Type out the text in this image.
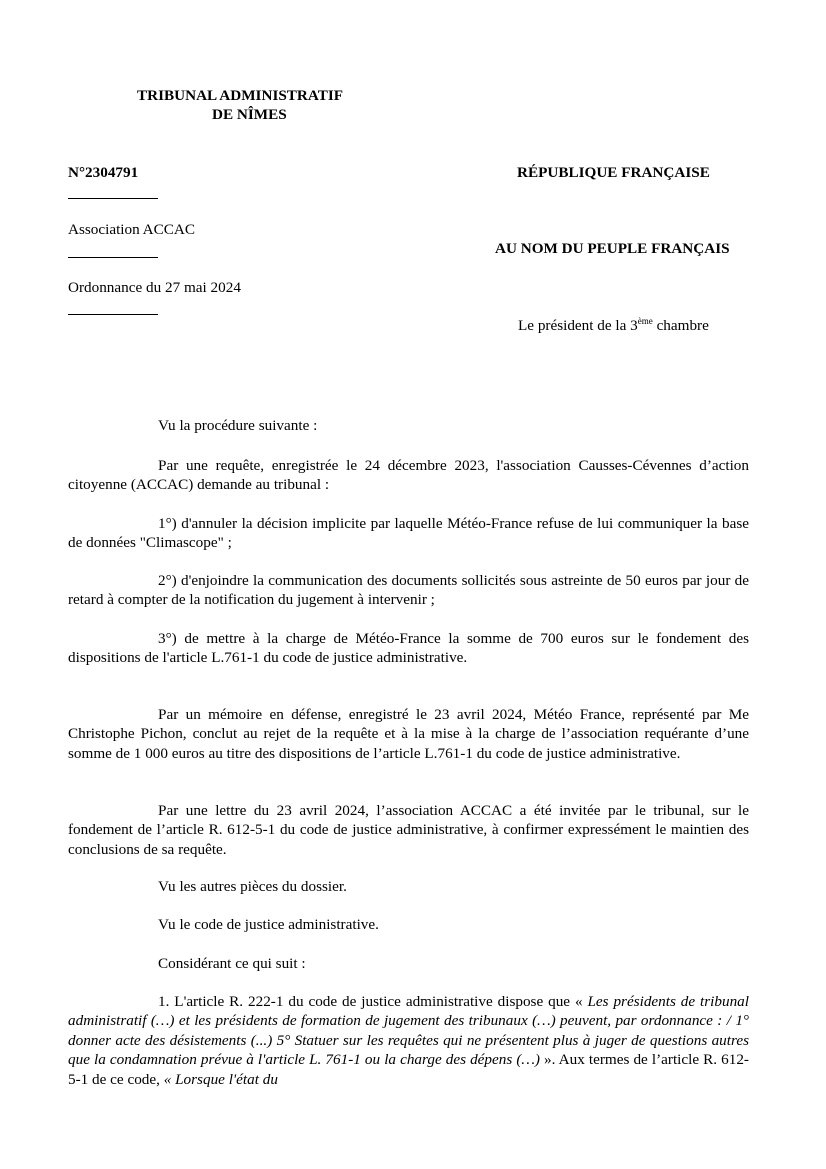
TRIBUNAL ADMINISTRATIF
DE NÎMES
N°2304791
Association ACCAC
Ordonnance du 27 mai 2024
RÉPUBLIQUE FRANÇAISE
AU NOM DU PEUPLE FRANÇAIS
Le président de la 3ème chambre
Vu la procédure suivante :
Par une requête, enregistrée le 24 décembre 2023, l'association Causses-Cévennes d’action citoyenne (ACCAC) demande au tribunal :
1°) d'annuler la décision implicite par laquelle Météo-France refuse de lui communiquer la base de données "Climascope" ;
2°) d'enjoindre la communication des documents sollicités sous astreinte de 50 euros par jour de retard à compter de la notification du jugement à intervenir ;
3°) de mettre à la charge de Météo-France la somme de 700 euros sur le fondement des dispositions de l'article L.761-1 du code de justice administrative.
Par un mémoire en défense, enregistré le 23 avril 2024, Météo France, représenté par Me Christophe Pichon, conclut au rejet de la requête et à la mise à la charge de l’association requérante d’une somme de 1 000 euros au titre des dispositions de l’article L.761-1 du code de justice administrative.
Par une lettre du 23 avril 2024, l’association ACCAC a été invitée par le tribunal, sur le fondement de l’article R. 612-5-1 du code de justice administrative, à confirmer expressément le maintien des conclusions de sa requête.
Vu les autres pièces du dossier.
Vu le code de justice administrative.
Considérant ce qui suit :
1. L'article R. 222-1 du code de justice administrative dispose que « Les présidents de tribunal administratif (…) et les présidents de formation de jugement des tribunaux (…) peuvent, par ordonnance : / 1° donner acte des désistements (...) 5° Statuer sur les requêtes qui ne présentent plus à juger de questions autres que la condamnation prévue à l'article L. 761-1 ou la charge des dépens (…) ». Aux termes de l’article R. 612-5-1 de ce code, « Lorsque l'état du
